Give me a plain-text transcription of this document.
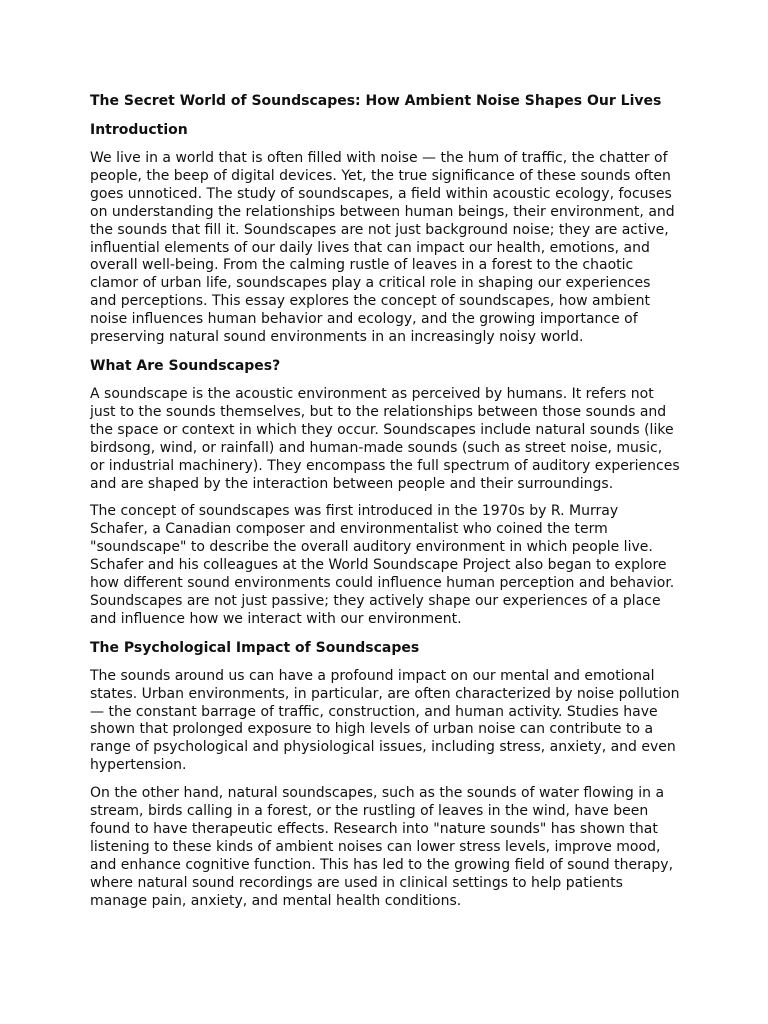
The Secret World of Soundscapes: How Ambient Noise Shapes Our Lives
Introduction

We live in a world that is often filled with noise — the hum of traffic, the chatter of people, the beep of digital devices. Yet, the true significance of these sounds often goes unnoticed. The study of soundscapes, a field within acoustic ecology, focuses on understanding the relationships between human beings, their environment, and the sounds that fill it. Soundscapes are not just background noise; they are active, influential elements of our daily lives that can impact our health, emotions, and overall well-being. From the calming rustle of leaves in a forest to the chaotic clamor of urban life, soundscapes play a critical role in shaping our experiences and perceptions. This essay explores the concept of soundscapes, how ambient noise influences human behavior and ecology, and the growing importance of preserving natural sound environments in an increasingly noisy world.

What Are Soundscapes?

A soundscape is the acoustic environment as perceived by humans. It refers not just to the sounds themselves, but to the relationships between those sounds and the space or context in which they occur. Soundscapes include natural sounds (like birdsong, wind, or rainfall) and human-made sounds (such as street noise, music, or industrial machinery). They encompass the full spectrum of auditory experiences and are shaped by the interaction between people and their surroundings.

The concept of soundscapes was first introduced in the 1970s by R. Murray Schafer, a Canadian composer and environmentalist who coined the term "soundscape" to describe the overall auditory environment in which people live. Schafer and his colleagues at the World Soundscape Project also began to explore how different sound environments could influence human perception and behavior. Soundscapes are not just passive; they actively shape our experiences of a place and influence how we interact with our environment.

The Psychological Impact of Soundscapes

The sounds around us can have a profound impact on our mental and emotional states. Urban environments, in particular, are often characterized by noise pollution — the constant barrage of traffic, construction, and human activity. Studies have shown that prolonged exposure to high levels of urban noise can contribute to a range of psychological and physiological issues, including stress, anxiety, and even hypertension.

On the other hand, natural soundscapes, such as the sounds of water flowing in a stream, birds calling in a forest, or the rustling of leaves in the wind, have been found to have therapeutic effects. Research into "nature sounds" has shown that listening to these kinds of ambient noises can lower stress levels, improve mood, and enhance cognitive function. This has led to the growing field of sound therapy, where natural sound recordings are used in clinical settings to help patients manage pain, anxiety, and mental health conditions.
